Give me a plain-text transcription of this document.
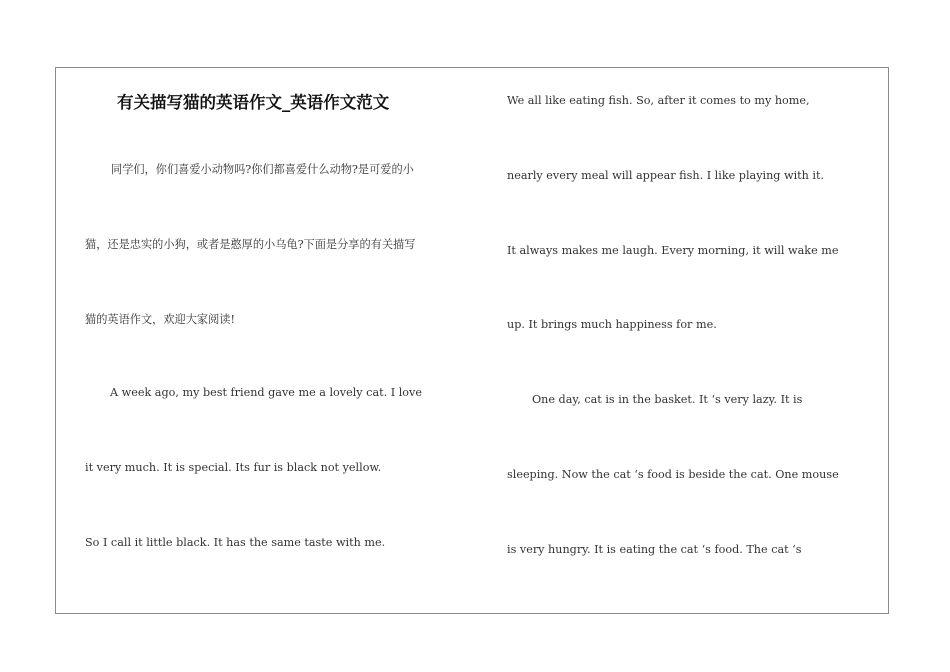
有关描写猫的英语作文_英语作文范文
同学们，你们喜爱小动物吗?你们都喜爱什么动物?是可爱的小
猫，还是忠实的小狗，或者是憨厚的小乌龟?下面是分享的有关描写
猫的英语作文，欢迎大家阅读!
A week ago, my best friend gave me a lovely cat. I love
it very much. It is special. Its fur is black not yellow.
So I call it little black. It has the same taste with me.
We all like eating fish. So, after it comes to my home,
nearly every meal will appear fish. I like playing with it.
It always makes me laugh. Every morning, it will wake me
up. It brings much happiness for me.
One day, cat is in the basket. It ‘s very lazy. It is
sleeping. Now the cat ‘s food is beside the cat. One mouse
is very hungry. It is eating the cat ‘s food. The cat ‘s
